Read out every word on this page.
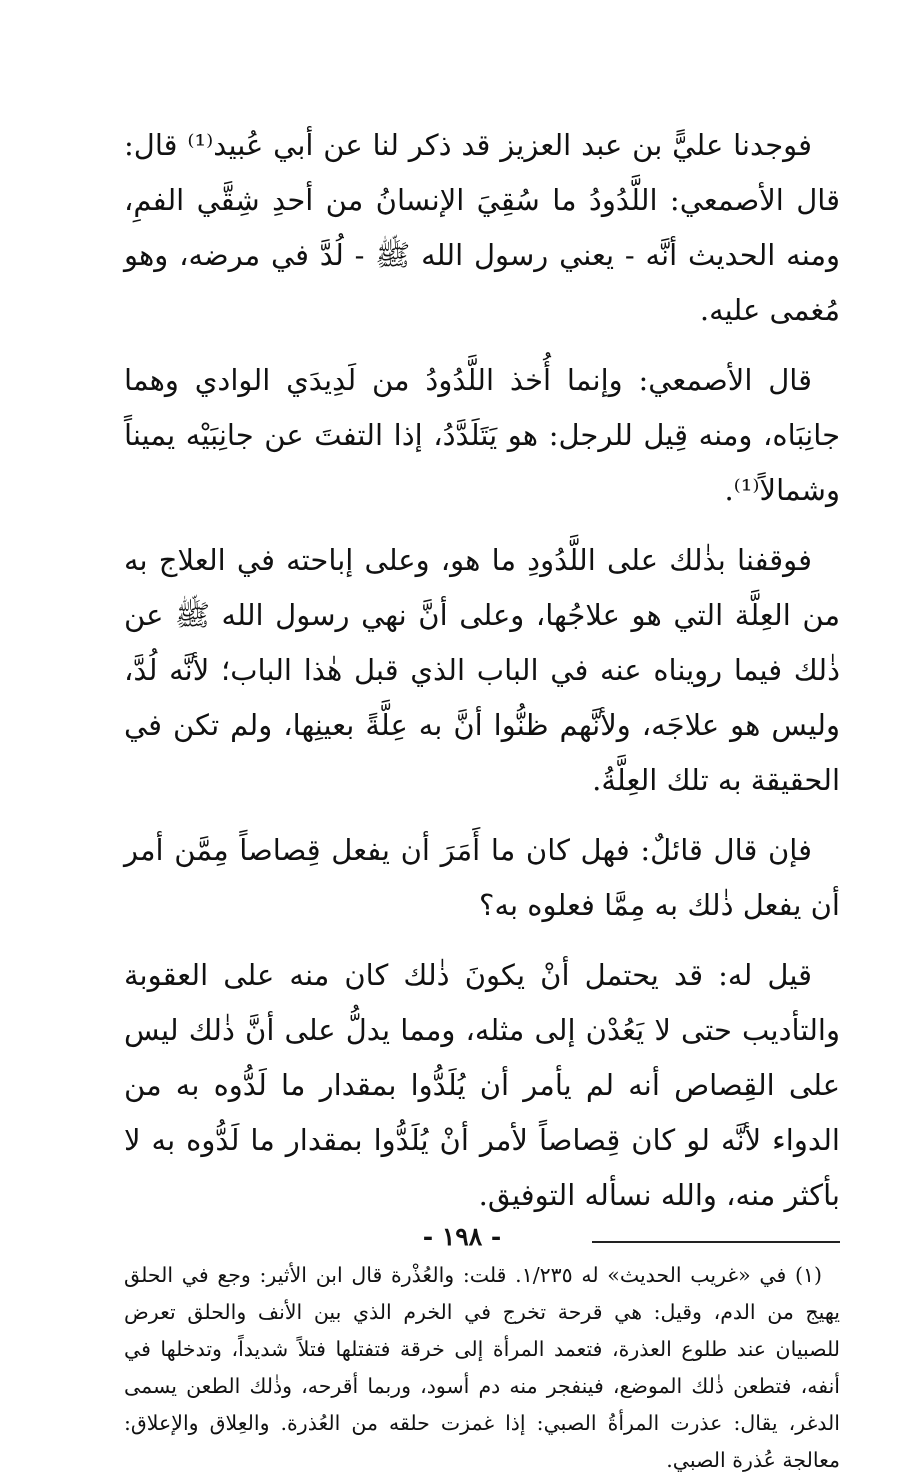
فوجدنا عليًّ بن عبد العزيز قد ذكر لنا عن أبي عُبيد⁽¹⁾ قال: قال الأصمعي: اللَّدُودُ ما سُقِيَ الإنسانُ من أحدِ شِقَّي الفمِ، ومنه الحديث أنَّه - يعني رسول الله ﷺ - لُدَّ في مرضه، وهو مُغمى عليه.

قال الأصمعي: وإنما أُخذ اللَّدُودُ من لَدِيدَي الوادي وهما جانِبَاه، ومنه قِيل للرجل: هو يَتَلَدَّدُ، إذا التفتَ عن جانِبَيْه يميناً وشمالاً⁽¹⁾.

فوقفنا بذٰلك على اللَّدُودِ ما هو، وعلى إباحته في العلاج به من العِلَّة التي هو علاجُها، وعلى أنَّ نهي رسول الله ﷺ عن ذٰلك فيما رويناه عنه في الباب الذي قبل هٰذا الباب؛ لأنَّه لُدَّ، وليس هو علاجَه، ولأنَّهم ظنُّوا أنَّ به عِلَّةً بعينِها، ولم تكن في الحقيقة به تلك العِلَّةُ.

فإن قال قائلٌ: فهل كان ما أَمَرَ أن يفعل قِصاصاً مِمَّن أمر أن يفعل ذٰلك به مِمَّا فعلوه به؟

قيل له: قد يحتمل أنْ يكونَ ذٰلك كان منه على العقوبة والتأديب حتى لا يَعُدْن إلى مثله، ومما يدلُّ على أنَّ ذٰلك ليس على القِصاص أنه لم يأمر أن يُلَدُّوا بمقدار ما لَدُّوه به من الدواء لأنَّه لو كان قِصاصاً لأمر أنْ يُلَدُّوا بمقدار ما لَدُّوه به لا بأكثر منه، والله نسأله التوفيق.

(١) في «غريب الحديث» له ١/٢٣٥. قلت: والعُذْرة قال ابن الأثير: وجع في الحلق يهيج من الدم، وقيل: هي قرحة تخرج في الخرم الذي بين الأنف والحلق تعرض للصبيان عند طلوع العذرة، فتعمد المرأة إلى خرقة فتفتلها فتلاً شديداً، وتدخلها في أنفه، فتطعن ذٰلك الموضع، فينفجر منه دم أسود، وربما أقرحه، وذٰلك الطعن يسمى الدغر، يقال: عذرت المرأةُ الصبي: إذا غمزت حلقه من العُذرة. والعِلاق والإعلاق: معالجة عُذرة الصبي.

- ١٩٨ -
